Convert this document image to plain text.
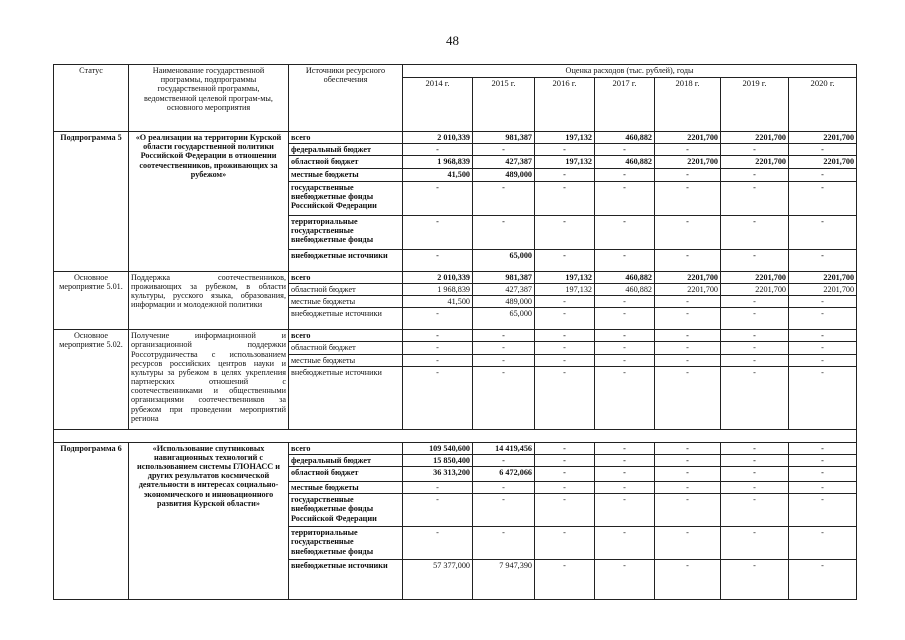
48
Статус	Наименование государственной программы, подпрограммы государственной программы, ведомственной целевой програм-мы, основного мероприятия	Источники ресурсного обеспечения	Оценка расходов (тыс. рублей), годы						
			2014 г.	2015 г.	2016 г.	2017 г.	2018 г.	2019 г.	2020 г.
Подпрограмма 5	«О реализации на территории Курской области государственной политики Российской Федерации в отношении соотечественников, проживающих за рубежом»	всего	2 010,339	981,387	197,132	460,882	2201,700	2201,700	2201,700
		федеральный бюджет	-	-	-	-	-	-	-
		областной бюджет	1 968,839	427,387	197,132	460,882	2201,700	2201,700	2201,700
		местные бюджеты	41,500	489,000	-	-	-	-	-
		государственные внебюджетные фонды Российской Федерации	-	-	-	-	-	-	-
		территориальные государственные внебюджетные фонды	-	-	-	-	-	-	-
		внебюджетные источники	-	65,000	-	-	-	-	-
Основное мероприятие 5.01.	Поддержка соотечественников, проживающих за рубежом, в области культуры, русского языка, образования, информации и молодежной политики	всего	2 010,339	981,387	197,132	460,882	2201,700	2201,700	2201,700
		областной бюджет	1 968,839	427,387	197,132	460,882	2201,700	2201,700	2201,700
		местные бюджеты	41,500	489,000	-	-	-	-	-
		внебюджетные источники	-	65,000	-	-	-	-	-
Основное мероприятие 5.02.	Получение информационной и организационной поддержки Россотрудничества с использованием ресурсов российских центров науки и культуры за рубежом в целях укрепления партнерских отношений с соотечественниками и общественными организациями соотечественников за рубежом при проведении мероприятий региона	всего	-	-	-	-	-	-	-
		областной бюджет	-	-	-	-	-	-	-
		местные бюджеты	-	-	-	-	-	-	-
		внебюджетные источники	-	-	-	-	-	-	-

Подпрограмма 6	«Использование спутниковых навигационных технологий с использованием системы ГЛОНАСС и других результатов космической деятельности в интересах социально-экономического и инновационного развития Курской области»	всего	109 540,600	14 419,456	-	-	-	-	-
		федеральный бюджет	15 850,400	-	-	-	-	-	-
		областной бюджет	36 313,200	6 472,066	-	-	-	-	-
		местные бюджеты	-	-	-	-	-	-	-
		государственные внебюджетные фонды Российской Федерации	-	-	-	-	-	-	-
		территориальные государственные внебюджетные фонды	-	-	-	-	-	-	-
		внебюджетные источники	57 377,000	7 947,390	-	-	-	-	-
